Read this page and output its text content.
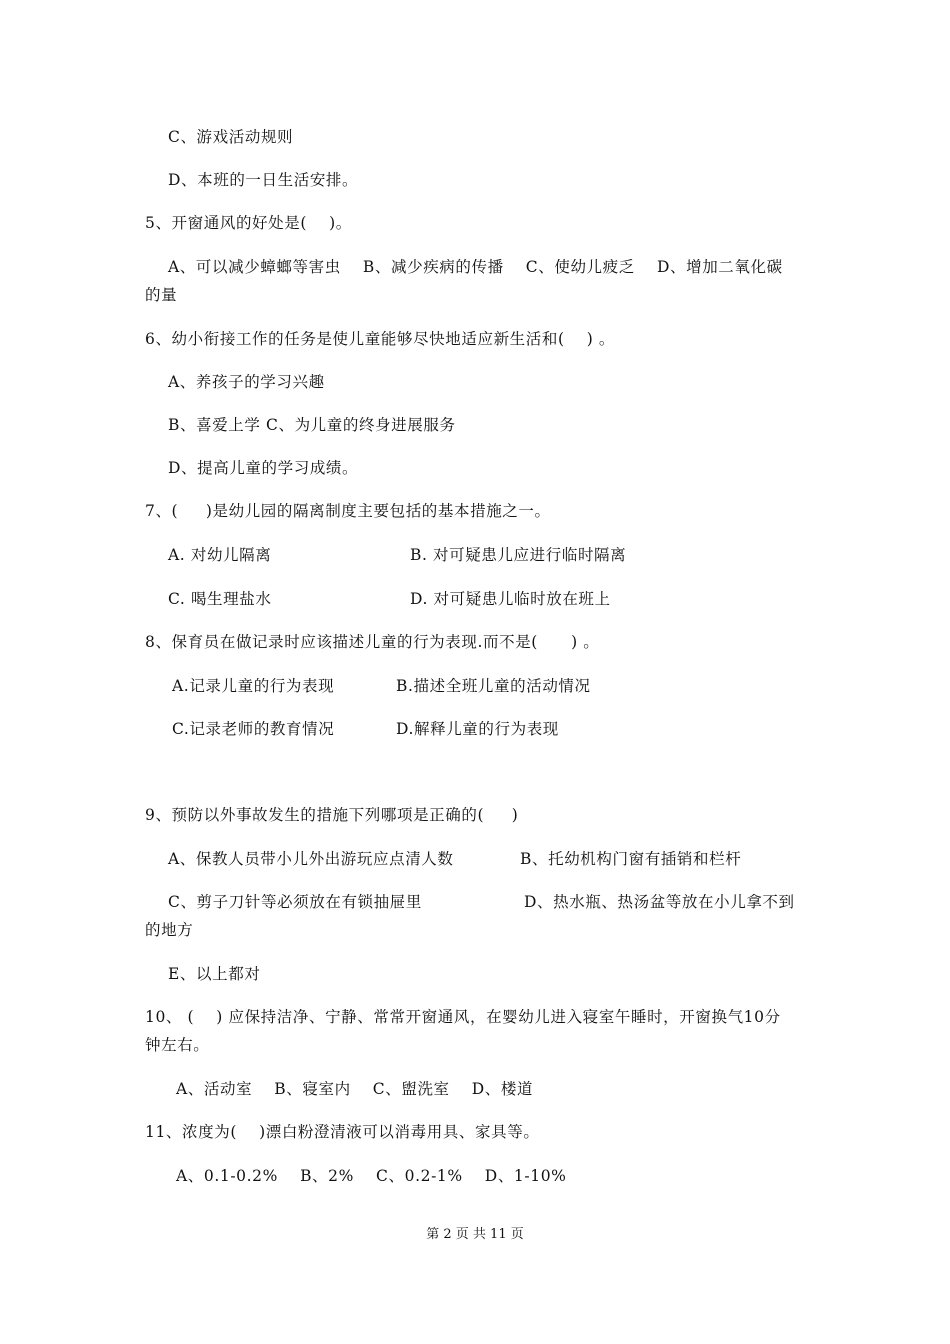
C、游戏活动规则
D、本班的一日生活安排。
5、开窗通风的好处是(    )。
A、可以减少蟑螂等害虫    B、减少疾病的传播    C、使幼儿疲乏    D、增加二氧化碳
的量
6、幼小衔接工作的任务是使儿童能够尽快地适应新生活和(    ) 。
A、养孩子的学习兴趣
B、喜爱上学 C、为儿童的终身进展服务
D、提高儿童的学习成绩。
7、(     )是幼儿园的隔离制度主要包括的基本措施之一。
A. 对幼儿隔离	B. 对可疑患儿应进行临时隔离
C. 喝生理盐水	D. 对可疑患儿临时放在班上
8、保育员在做记录时应该描述儿童的行为表现.而不是(      ) 。
A.记录儿童的行为表现	B.描述全班儿童的活动情况
C.记录老师的教育情况	D.解释儿童的行为表现
9、预防以外事故发生的措施下列哪项是正确的(     )
A、保教人员带小儿外出游玩应点清人数	B、托幼机构门窗有插销和栏杆
C、剪子刀针等必须放在有锁抽屉里	D、热水瓶、热汤盆等放在小儿拿不到
的地方
E、以上都对
10、 (    ) 应保持洁净、宁静、常常开窗通风，在婴幼儿进入寝室午睡时，开窗换气10分
钟左右。
A、活动室    B、寝室内    C、盥洗室    D、楼道
11、浓度为(    )漂白粉澄清液可以消毒用具、家具等。
A、0.1-0.2%    B、2%    C、0.2-1%    D、1-10%
第 2 页 共 11 页
